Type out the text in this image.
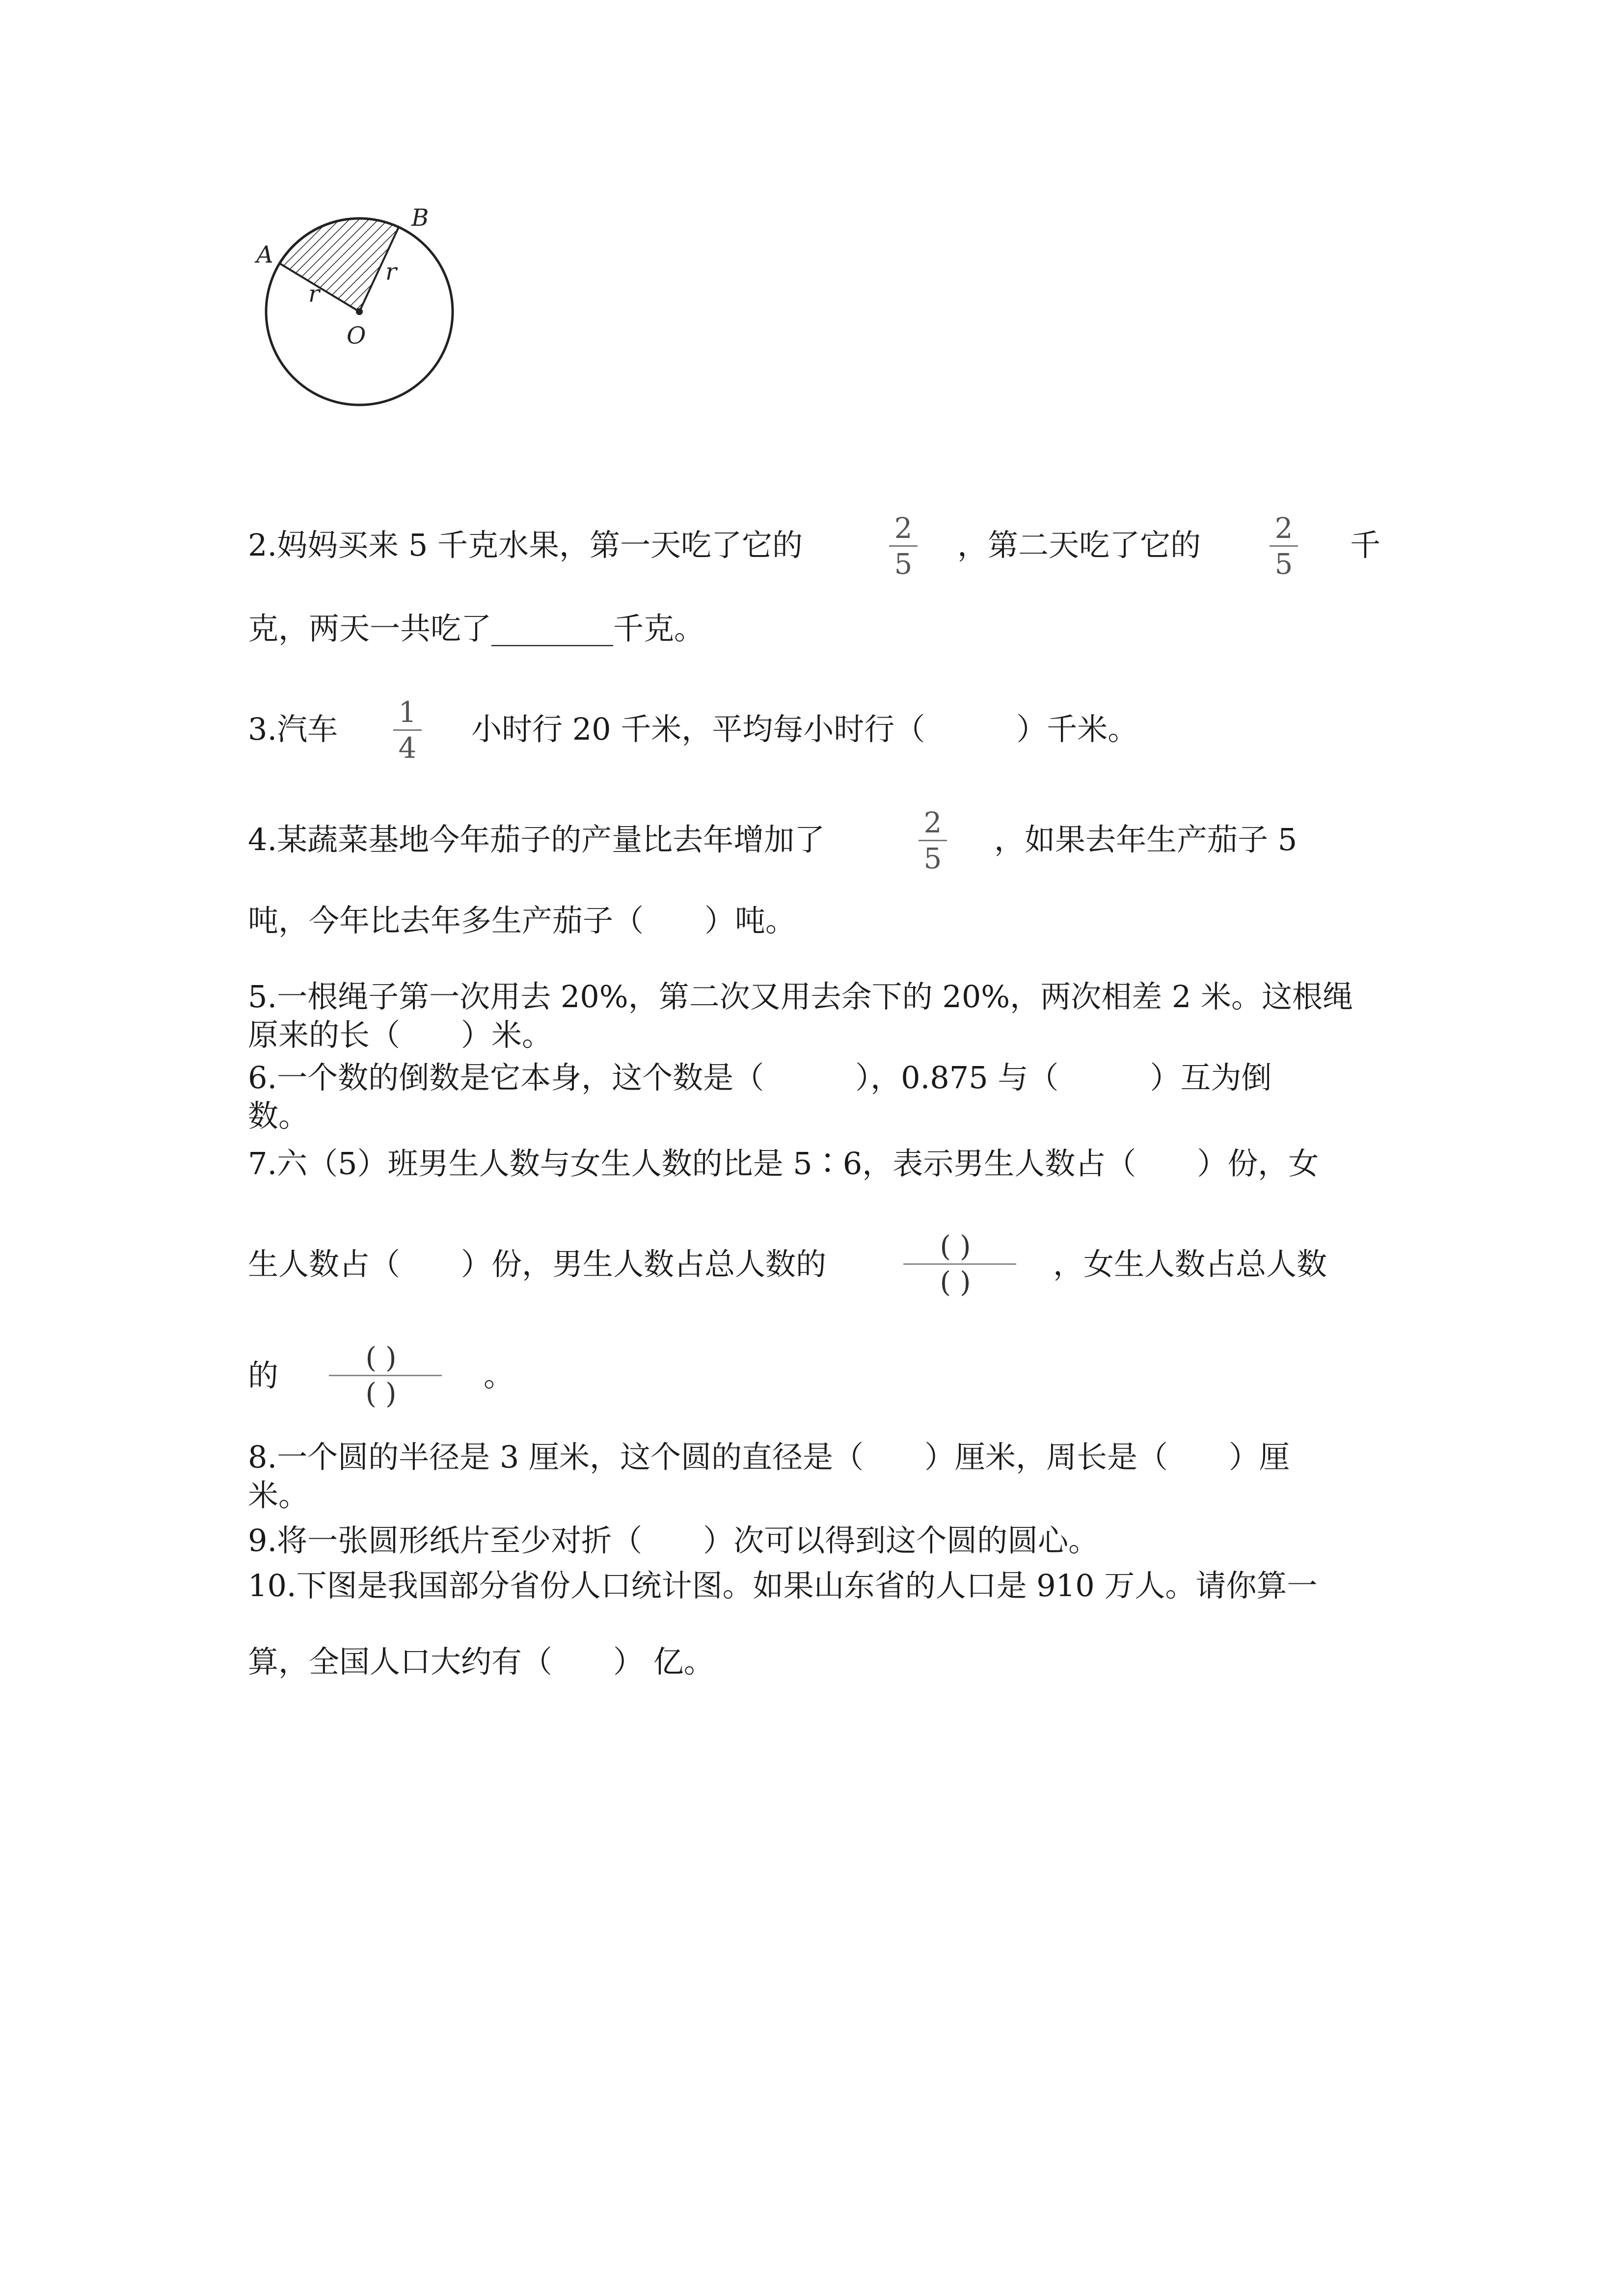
A
B
O
r
r
2.妈妈买来 5 千克水果，第一天吃了它的	，第二天吃了它的	千
2
5
2
5

克，两天一共吃了________千克。

3.汽车	小时行 20 千米，平均每小时行（　　　）千米。
1
4
4.某蔬菜基地今年茄子的产量比去年增加了	，如果去年生产茄子 5
2
5

吨，今年比去年多生产茄子（　　）吨。

5.一根绳子第一次用去 20%，第二次又用去余下的 20%，两次相差 2 米。这根绳

原来的长（　　）米。

6.一个数的倒数是它本身，这个数是（　　　），0.875 与（　　　）互为倒

数。

7.六（5）班男生人数与女生人数的比是 5∶6，表示男生人数占（　　）份，女

生人数占（　　）份，男生人数占总人数的	，女生人数占总人数
()
()
的	。
()
()

8.一个圆的半径是 3 厘米，这个圆的直径是（　　）厘米，周长是（　　）厘

米。

9.将一张圆形纸片至少对折（　　）次可以得到这个圆的圆心。

10.下图是我国部分省份人口统计图。如果山东省的人口是 910 万人。请你算一

算，全国人口大约有（　　） 亿。
